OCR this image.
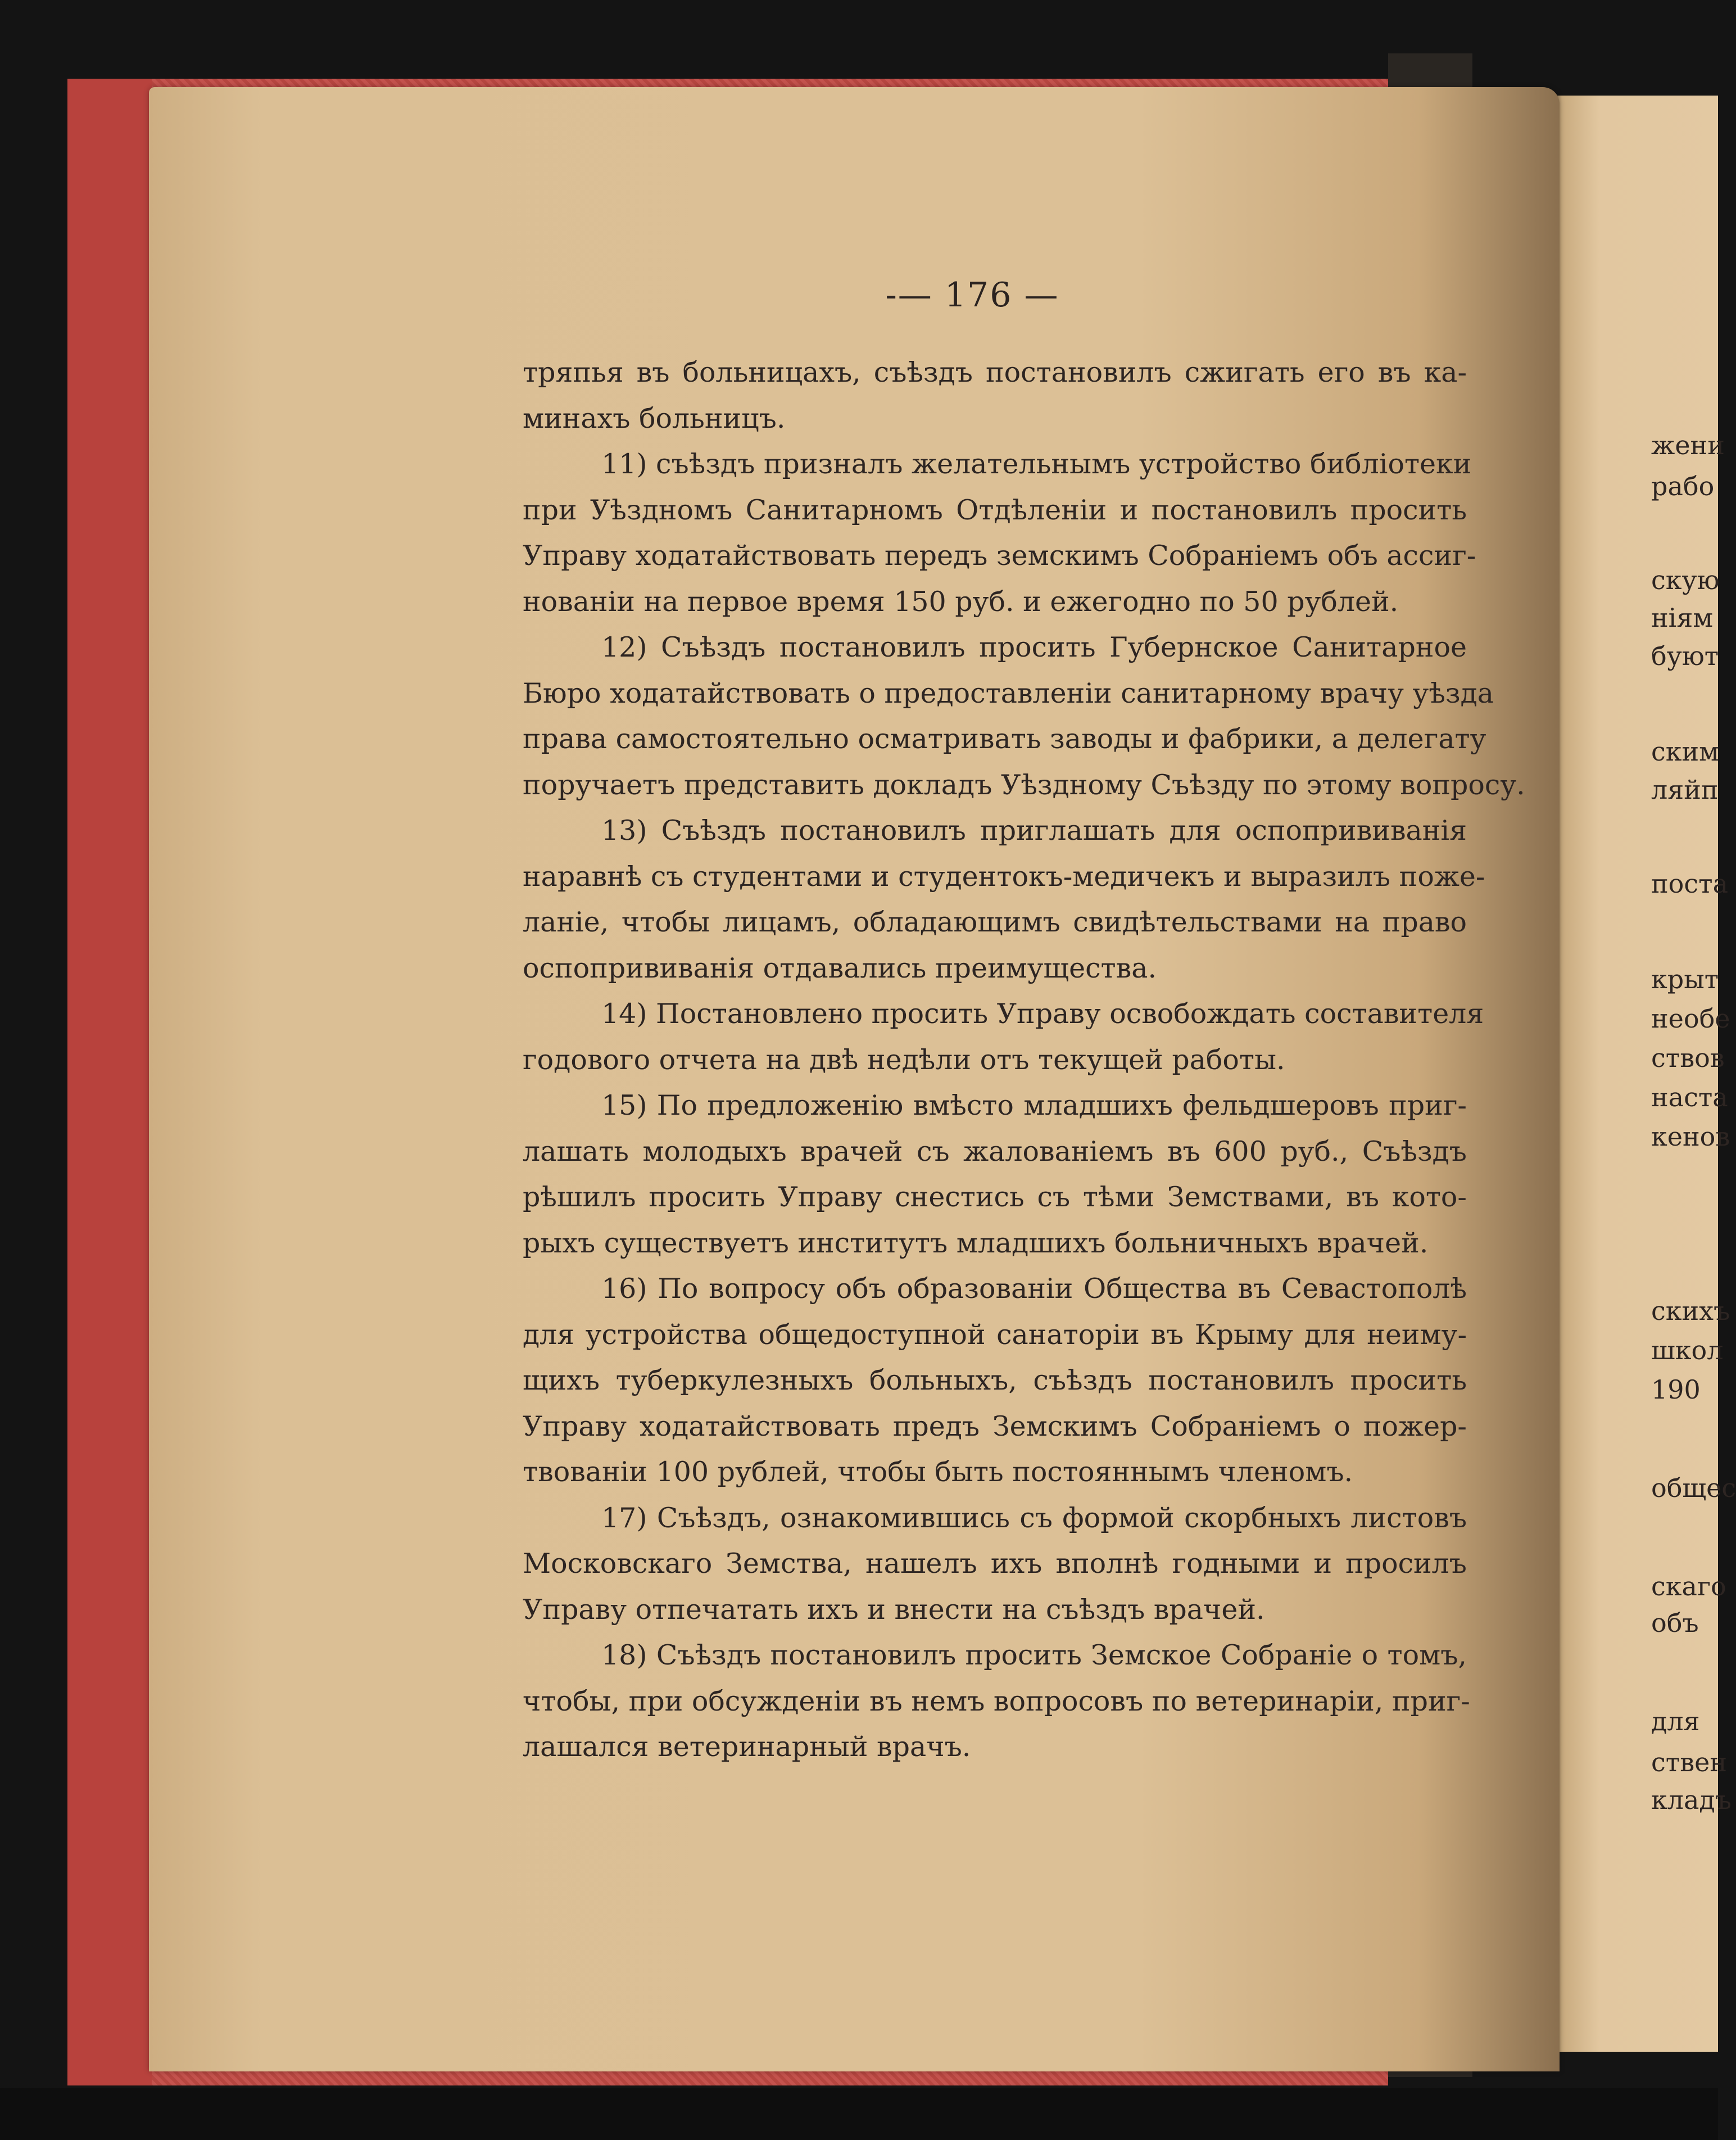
жени
рабо
скую
ніям
буют
ским
ляйп
поста
крыт
необе
ствов
наста
кенов
скихъ
школ
190
общес
скаго
объ
для
ствен
кладъ
-— 176 —
тряпья въ больницахъ, съѣздъ постановилъ сжигать его въ ка-
минахъ больницъ.
11) съѣздъ призналъ желательнымъ устройство библіотеки
при Уѣздномъ Санитарномъ Отдѣленіи и постановилъ просить
Управу ходатайствовать передъ земскимъ Собраніемъ объ ассиг-
нованіи на первое время 150 руб. и ежегодно по 50 рублей.
12) Съѣздъ постановилъ просить Губернское Санитарное
Бюро ходатайствовать о предоставленіи санитарному врачу уѣзда
права самостоятельно осматривать заводы и фабрики, а делегату
поручаетъ представить докладъ Уѣздному Съѣзду по этому вопросу.
13) Съѣздъ постановилъ приглашать для оспопрививанія
наравнѣ съ студентами и студентокъ-медичекъ и выразилъ поже-
ланіе, чтобы лицамъ, обладающимъ свидѣтельствами на право
оспопрививанія отдавались преимущества.
14) Постановлено просить Управу освобождать составителя
годового отчета на двѣ недѣли отъ текущей работы.
15) По предложенію вмѣсто младшихъ фельдшеровъ приг-
лашать молодыхъ врачей съ жалованіемъ въ 600 руб., Съѣздъ
рѣшилъ просить Управу снестись съ тѣми Земствами, въ кото-
рыхъ существуетъ институтъ младшихъ больничныхъ врачей.
16) По вопросу объ образованіи Общества въ Севастополѣ
для устройства общедоступной санаторіи въ Крыму для неиму-
щихъ туберкулезныхъ больныхъ, съѣздъ постановилъ просить
Управу ходатайствовать предъ Земскимъ Собраніемъ о пожер-
твованіи 100 рублей, чтобы быть постояннымъ членомъ.
17) Съѣздъ, ознакомившись съ формой скорбныхъ листовъ
Московскаго Земства, нашелъ ихъ вполнѣ годными и просилъ
Управу отпечатать ихъ и внести на съѣздъ врачей.
18) Съѣздъ постановилъ просить Земское Собраніе о томъ,
чтобы, при обсужденіи въ немъ вопросовъ по ветеринаріи, приг-
лашался ветеринарный врачъ.
